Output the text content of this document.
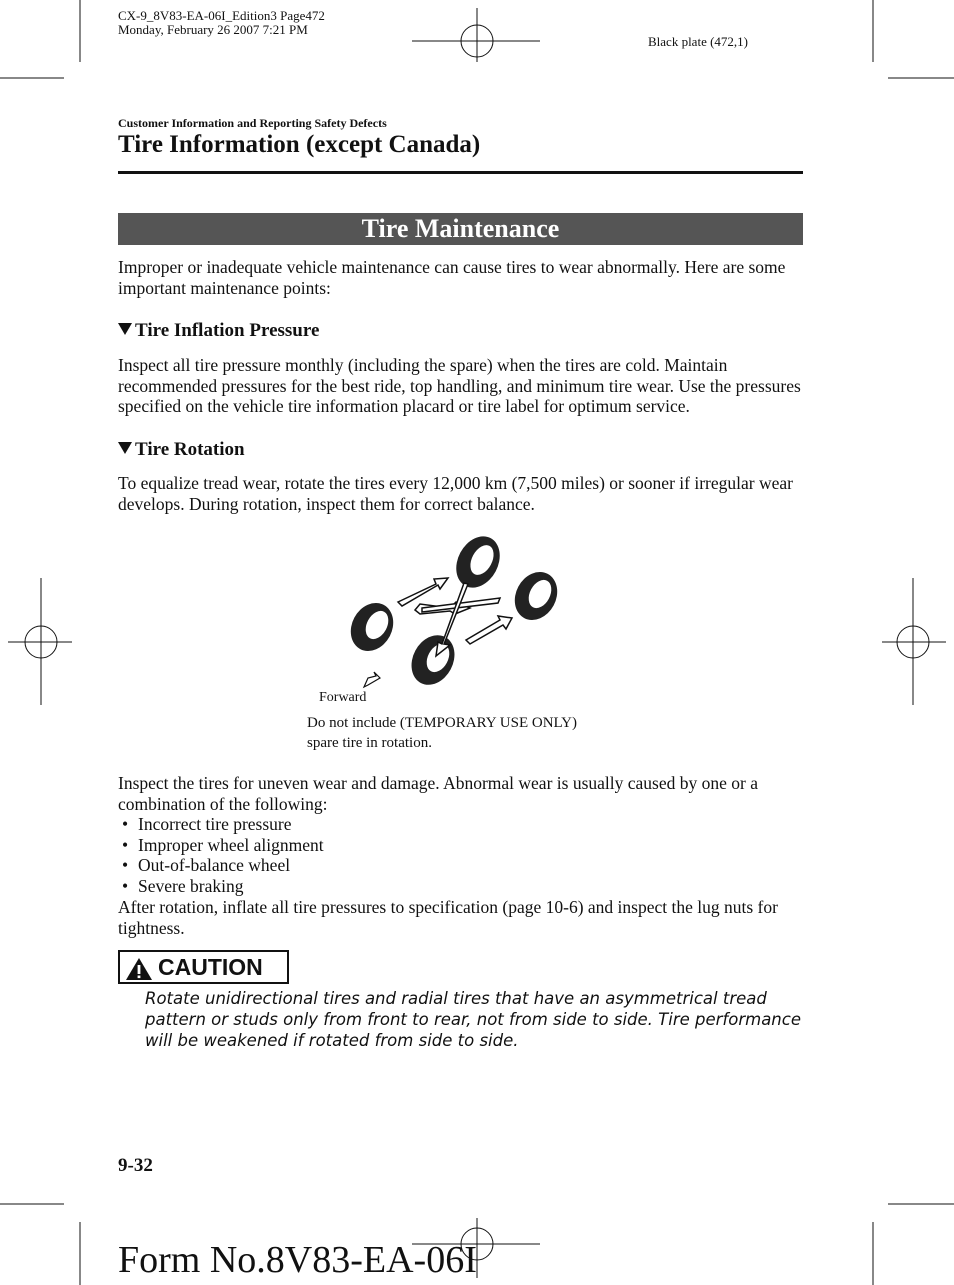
CX-9_8V83-EA-06I_Edition3 Page472
Monday, February 26 2007 7:21 PM
Black plate (472,1)
Customer Information and Reporting Safety Defects
Tire Information (except Canada)
Tire Maintenance
Improper or inadequate vehicle maintenance can cause tires to wear abnormally. Here are some important maintenance points:
Tire Inflation Pressure
Inspect all tire pressure monthly (including the spare) when the tires are cold. Maintain recommended pressures for the best ride, top handling, and minimum tire wear. Use the pressures specified on the vehicle tire information placard or tire label for optimum service.
Tire Rotation
To equalize tread wear, rotate the tires every 12,000 km (7,500 miles) or sooner if irregular wear develops. During rotation, inspect them for correct balance.
Forward
Do not include (TEMPORARY USE ONLY)
spare tire in rotation.
Inspect the tires for uneven wear and damage. Abnormal wear is usually caused by one or a combination of the following:
• Incorrect tire pressure
• Improper wheel alignment
• Out-of-balance wheel
• Severe braking
After rotation, inflate all tire pressures to specification (page 10-6) and inspect the lug nuts for tightness.
CAUTION
Rotate unidirectional tires and radial tires that have an asymmetrical tread pattern or studs only from front to rear, not from side to side. Tire performance will be weakened if rotated from side to side.
9-32
Form No.8V83-EA-06I
